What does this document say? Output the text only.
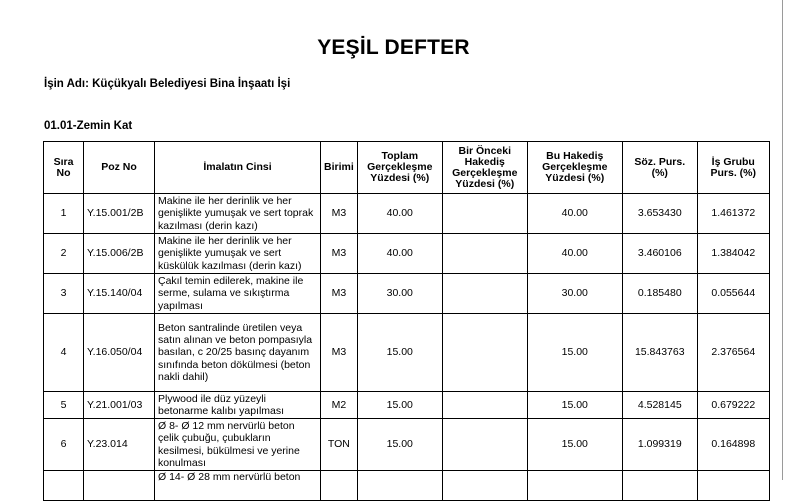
YEŞİL DEFTER
İşin Adı: Küçükyalı Belediyesi Bina İnşaatı İşi
01.01-Zemin Kat
Sıra No	Poz No	İmalatın Cinsi	Birimi	Toplam Gerçekleşme Yüzdesi (%)	Bir Önceki Hakediş Gerçekleşme Yüzdesi (%)	Bu Hakediş Gerçekleşme Yüzdesi (%)	Söz. Purs. (%)	İş Grubu Purs. (%)
1	Y.15.001/2B	Makine ile her derinlik ve her genişlikte yumuşak ve sert toprak kazılması (derin kazı)	M3	40.00		40.00	3.653430	1.461372
2	Y.15.006/2B	Makine ile her derinlik ve her genişlikte yumuşak ve sert küskülük kazılması (derin kazı)	M3	40.00		40.00	3.460106	1.384042
3	Y.15.140/04	Çakıl temin edilerek, makine ile serme, sulama ve sıkıştırma yapılması	M3	30.00		30.00	0.185480	0.055644
4	Y.16.050/04	Beton santralinde üretilen veya satın alınan ve beton pompasıyla basılan, c 20/25 basınç dayanım sınıfında beton dökülmesi (beton nakli dahil)	M3	15.00		15.00	15.843763	2.376564
5	Y.21.001/03	Plywood ile düz yüzeyli betonarme kalıbı yapılması	M2	15.00		15.00	4.528145	0.679222
6	Y.23.014	Ø 8- Ø 12 mm nervürlü beton çelik çubuğu, çubukların kesilmesi, bükülmesi ve yerine konulması	TON	15.00		15.00	1.099319	0.164898
		Ø 14- Ø 28 mm nervürlü beton						
